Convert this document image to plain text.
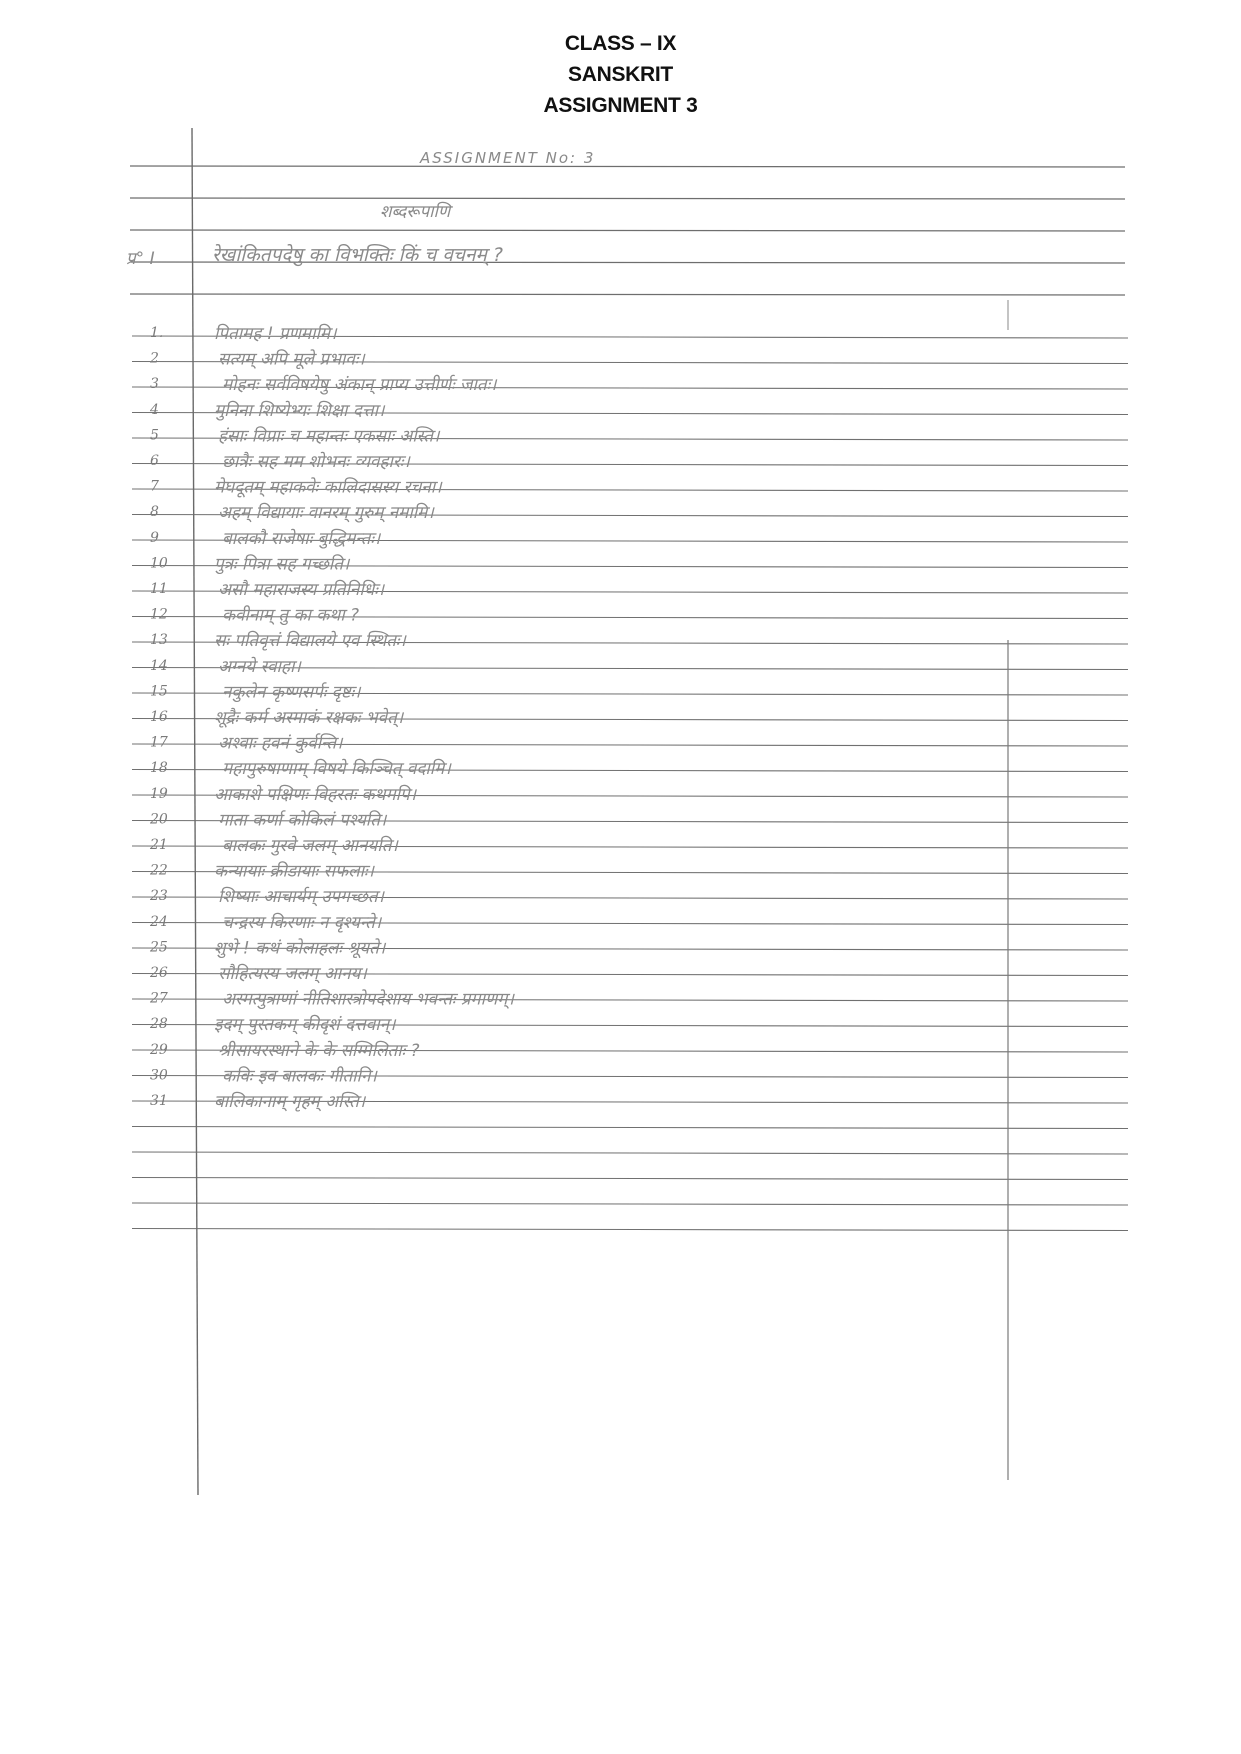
CLASS – IX
SANSKRIT
ASSIGNMENT 3
ASSIGNMENT No: 3
शब्दरूपाणि
प्र° I	रेखांकितपदेषु का विभक्तिः किं च वचनम् ?
1.	पितामह ! प्रणमामि।
2	सत्यम् अपि मूले प्रभावः।
3	मोहनः सर्वविषयेषु अंकान् प्राप्य उत्तीर्णः जातः।
4	मुनिना शिष्येभ्यः शिक्षा दत्ता।
5	हंसाः विप्राः च महान्तः एकसाः अस्ति।
6	छात्रैः सह मम शोभनः व्यवहारः।
7	मेघदूतम् महाकवेः कालिदासस्य रचना।
8	अहम् विद्यायाः वानरम् गुरुम् नमामि।
9	बालकौ राजेषाः बुद्धिमन्तः।
10	पुत्रः पित्रा सह गच्छति।
11	असौ महाराजस्य प्रतिनिधिः।
12	कवीनाम् तु का कथा ?
13	सः पतिवृत्तं विद्यालये एव स्थितः।
14	अग्नये स्वाहा।
15	नकुलेन कृष्णसर्पः दृष्टः।
16	शूद्रैः कर्म अस्माकं रक्षकः भवेत्।
17	अश्वाः हवनं कुर्वन्ति।
18	महापुरुषाणाम् विषये किञ्चित् वदामि।
19	आकाशे पक्षिणः विहरतः कथमपि।
20	माता कर्णा कोकिलं पश्यति।
21	बालकः गुरवे जलम् आनयति।
22	कन्यायाः क्रीडायाः सफलाः।
23	शिष्याः आचार्यम् उपगच्छत।
24	चन्द्रस्य किरणाः न दृश्यन्ते।
25	शुभे ! कथं कोलाहलः श्रूयते।
26	सौहित्यस्य जलम् आनय।
27	अस्मत्पुत्राणां नीतिशास्त्रोपदेशाय भवन्तः प्रमाणम्।
28	इदम् पुस्तकम् कीदृशं दत्तवान्।
29	श्रीसायरस्थाने के के सम्मिलिताः ?
30	कविः इव बालकः गीतानि।
31	बालिकानाम् गृहम् अस्ति।
